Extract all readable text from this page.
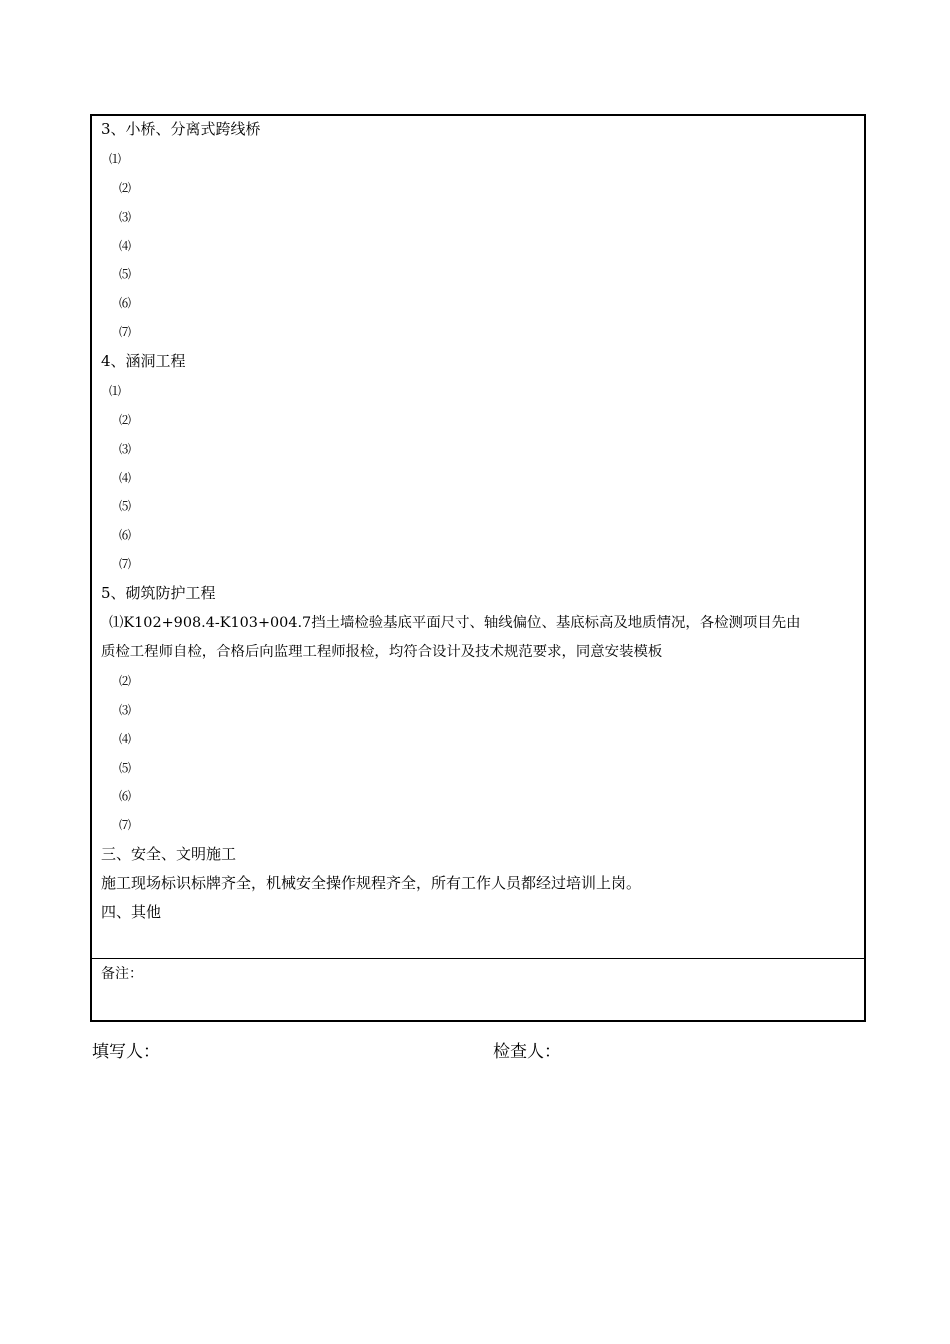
3、小桥、分离式跨线桥
⑴
⑵
⑶
⑷
⑸
⑹
⑺
4、涵洞工程
⑴
⑵
⑶
⑷
⑸
⑹
⑺
5、砌筑防护工程
⑴K102+908.4-K103+004.7挡土墙检验基底平面尺寸、轴线偏位、基底标高及地质情况，各检测项目先由
质检工程师自检，合格后向监理工程师报检，均符合设计及技术规范要求，同意安装模板
⑵
⑶
⑷
⑸
⑹
⑺
三、安全、文明施工
施工现场标识标牌齐全，机械安全操作规程齐全，所有工作人员都经过培训上岗。
四、其他
备注：
填写人：	检查人：
